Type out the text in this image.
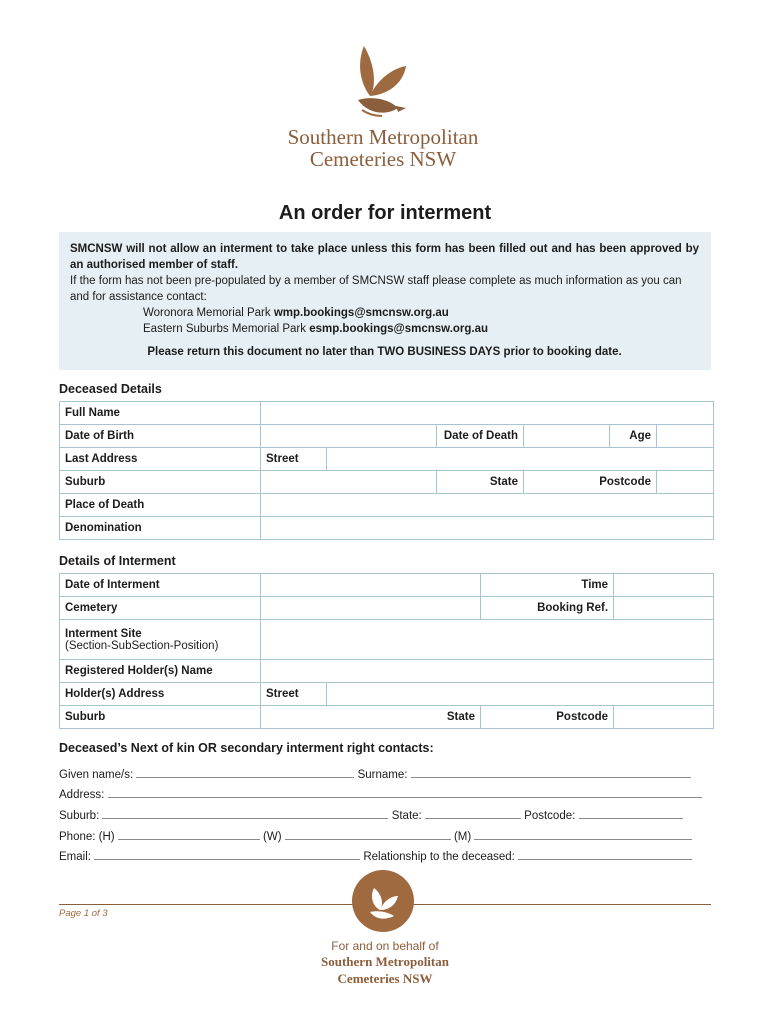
Southern Metropolitan
Cemeteries NSW
An order for interment

SMCNSW will not allow an interment to take place unless this form has been filled out and has been approved by an authorised member of staff.

If the form has not been pre-populated by a member of SMCNSW staff please complete as much information as you can and for assistance contact:

Woronora Memorial Park wmp.bookings@smcnsw.org.au

Eastern Suburbs Memorial Park esmp.bookings@smcnsw.org.au

Please return this document no later than TWO BUSINESS DAYS prior to booking date.

Deceased Details
Full Name						
Date of Birth			Date of Death		Age	
Last Address	Street					
Suburb			State	Postcode		
Place of Death						
Denomination						
Details of Interment
Date of Interment			Time	
Cemetery			Booking Ref.	
Interment Site
(Section-SubSection-Position)				

Registered Holder(s) Name				
Holder(s) Address	Street			
Suburb	State		Postcode	
Deceased’s Next of kin OR secondary interment right contacts:
Given name/s:	Surname:
Address:
Suburb:	State:	Postcode:
Phone: (H)	(W)	(M)
Email:	Relationship to the deceased:
Page 1 of 3
For and on behalf of
Southern Metropolitan
Cemeteries NSW
